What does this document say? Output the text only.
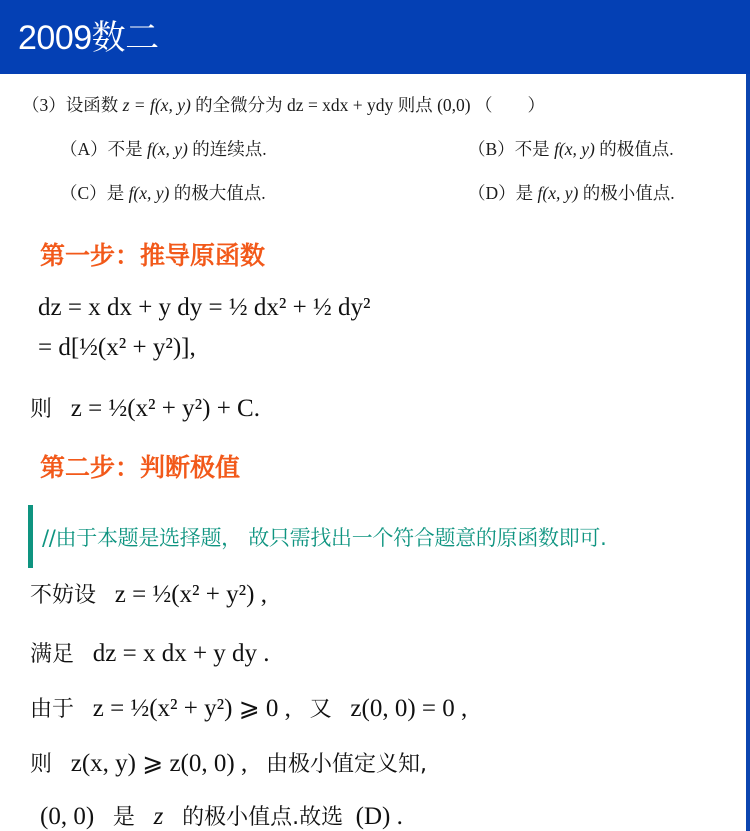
2009数二
（3）设函数 z = f(x, y) 的全微分为 dz = xdx + ydy 则点 (0,0) （　　）
（A）不是 f(x, y) 的连续点.	（B）不是 f(x, y) 的极值点.
（C）是 f(x, y) 的极大值点.	（D）是 f(x, y) 的极小值点.
第一步：推导原函数
dz = x dx + y dy = ½ dx² + ½ dy²
= d[½(x² + y²)],
则 z = ½(x² + y²) + C.
第二步：判断极值
//由于本题是选择题， 故只需找出一个符合题意的原函数即可.
不妨设 z = ½(x² + y²) ,
满足 dz = x dx + y dy .
由于 z = ½(x² + y²) ⩾ 0 , 又 z(0, 0) = 0 ,
则 z(x, y) ⩾ z(0, 0) , 由极小值定义知,
(0, 0) 是 z 的极小值点.故选 (D) .
